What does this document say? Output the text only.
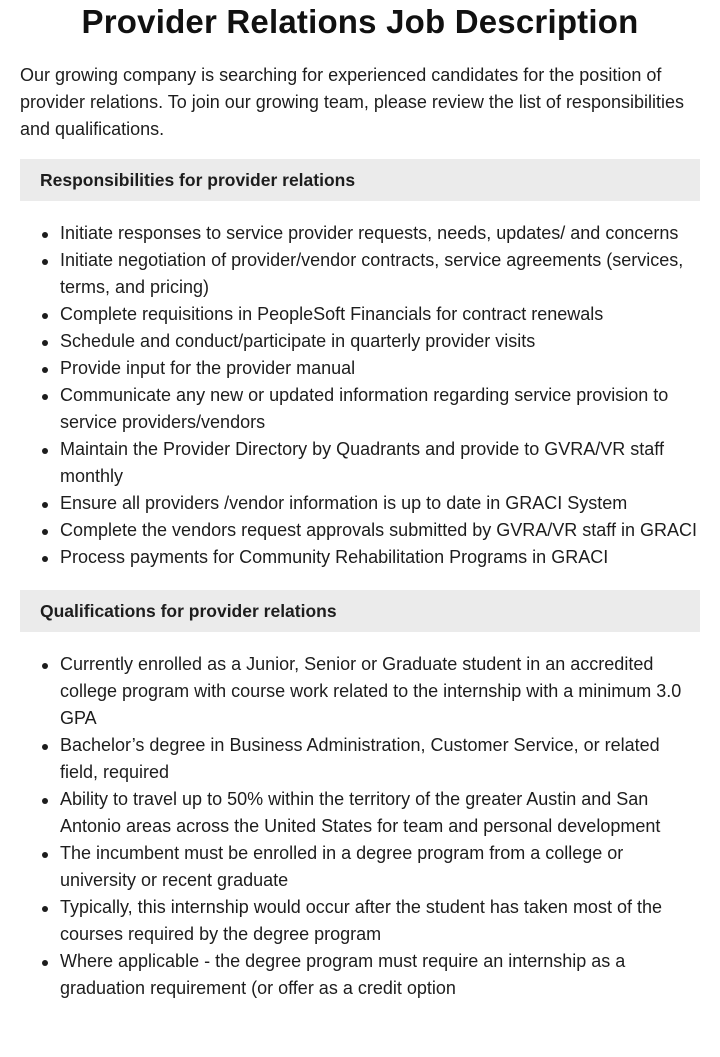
Provider Relations Job Description

Our growing company is searching for experienced candidates for the position of provider relations. To join our growing team, please review the list of responsibilities and qualifications.

Responsibilities for provider relations
Initiate responses to service provider requests, needs, updates/ and concerns
Initiate negotiation of provider/vendor contracts, service agreements (services, terms, and pricing)
Complete requisitions in PeopleSoft Financials for contract renewals
Schedule and conduct/participate in quarterly provider visits
Provide input for the provider manual
Communicate any new or updated information regarding service provision to service providers/vendors
Maintain the Provider Directory by Quadrants and provide to GVRA/VR staff monthly
Ensure all providers /vendor information is up to date in GRACI System
Complete the vendors request approvals submitted by GVRA/VR staff in GRACI
Process payments for Community Rehabilitation Programs in GRACI
Qualifications for provider relations
Currently enrolled as a Junior, Senior or Graduate student in an accredited college program with course work related to the internship with a minimum 3.0 GPA
Bachelor’s degree in Business Administration, Customer Service, or related field, required
Ability to travel up to 50% within the territory of the greater Austin and San Antonio areas across the United States for team and personal development
The incumbent must be enrolled in a degree program from a college or university or recent graduate
Typically, this internship would occur after the student has taken most of the courses required by the degree program
Where applicable - the degree program must require an internship as a graduation requirement (or offer as a credit option
